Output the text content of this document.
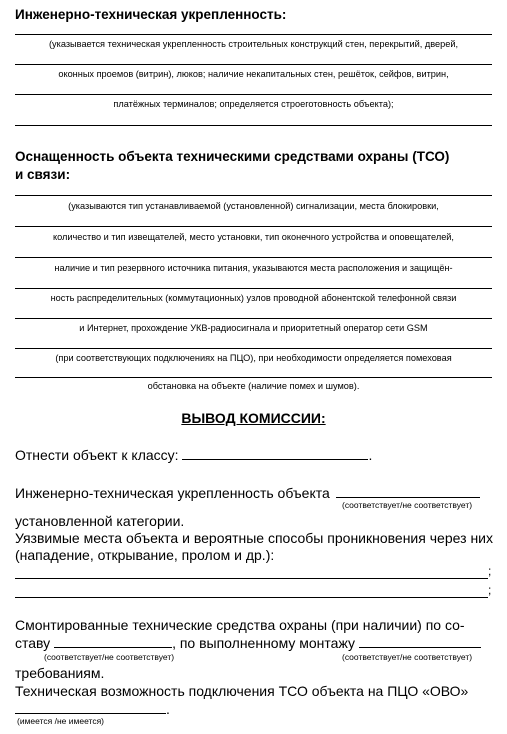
Инженерно-техническая укрепленность:
(указывается техническая укрепленность строительных конструкций стен, перекрытий, дверей,
оконных проемов (витрин), люков; наличие некапитальных стен, решёток, сейфов, витрин,
платёжных терминалов; определяется строеготовность объекта);
Оснащенность объекта техническими средствами охраны (ТСО)
и связи:
(указываются тип устанавливаемой (установленной) сигнализации, места блокировки,
количество и тип извещателей, место установки, тип оконечного устройства и оповещателей,
наличие и тип резервного источника питания, указываются места расположения и защищён-
ность распределительных (коммутационных) узлов проводной абонентской телефонной связи
и Интернет, прохождение УКВ-радиосигнала и приоритетный оператор сети GSM
(при соответствующих подключениях на ПЦО), при необходимости определяется помеховая
обстановка на объекте (наличие помех и шумов).
ВЫВОД КОМИССИИ:
Отнести объект к классу:	.
Инженерно-техническая укрепленность объекта
(соответствует/не соответствует)
установленной категории.
Уязвимые места объекта и вероятные способы проникновения через них (нападение, открывание, пролом и др.):
;
;
Смонтированные технические средства охраны (при наличии) по со-
ставу	, по выполненному монтажу
(соответствует/не соответствует)	(соответствует/не соответствует)
требованиям.
Техническая возможность подключения ТСО объекта на ПЦО «ОВО»
.
(имеется /не имеется)
